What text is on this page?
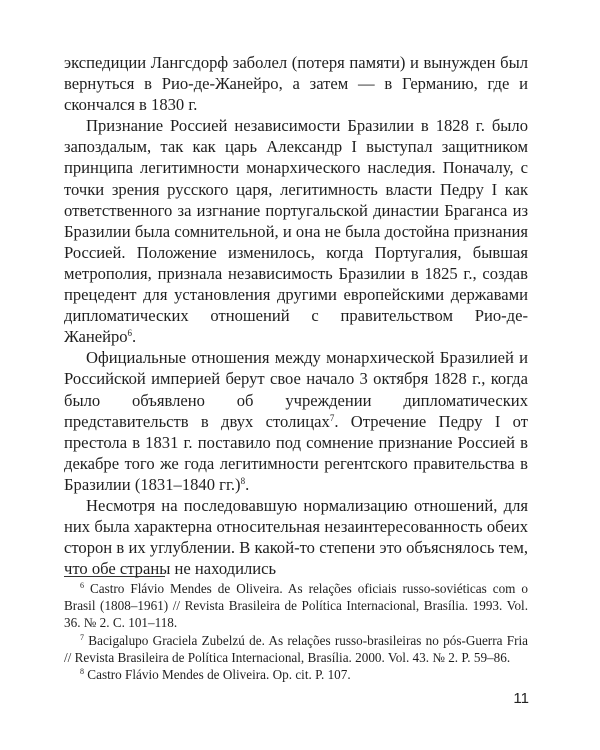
экспедиции Лангсдорф заболел (потеря памяти) и вынужден был вернуться в Рио-де-Жанейро, а затем — в Германию, где и скончался в 1830 г.

Признание Россией независимости Бразилии в 1828 г. было запоздалым, так как царь Александр I выступал защитником принципа легитимности монархического наследия. Поначалу, с точки зрения русского царя, легитимность власти Педру I как ответственного за изгнание португальской династии Браганса из Бразилии была сомнительной, и она не была достойна признания Россией. Положение изменилось, когда Португалия, бывшая метрополия, признала независимость Бразилии в 1825 г., создав прецедент для установления другими европейскими державами дипломатических отношений с правительством Рио-де-Жанейро$^6$.

Официальные отношения между монархической Бразилией и Российской империей берут свое начало 3 октября 1828 г., когда было объявлено об учреждении дипломатических представительств в двух столицах$^7$. Отречение Педру I от престола в 1831 г. поставило под сомнение признание Россией в декабре того же года легитимности регентского правительства в Бразилии (1831–1840 гг.)$^8$.

Несмотря на последовавшую нормализацию отношений, для них была характерна относительная незаинтересованность обеих сторон в их углублении. В какой-то степени это объяснялось тем, что обе страны не находились

$^6$ Castro Flávio Mendes de Oliveira. As relações oficiais russo-soviéticas com o Brasil (1808–1961) // Revista Brasileira de Política Internacional, Brasília. 1993. Vol. 36. № 2. C. 101–118.

$^7$ Bacigalupo Graciela Zubelzú de. As relações russo-brasileiras no pós-Guerra Fria // Revista Brasileira de Política Internacional, Brasília. 2000. Vol. 43. № 2. P. 59–86.

$^8$ Castro Flávio Mendes de Oliveira. Op. cit. P. 107.

11
